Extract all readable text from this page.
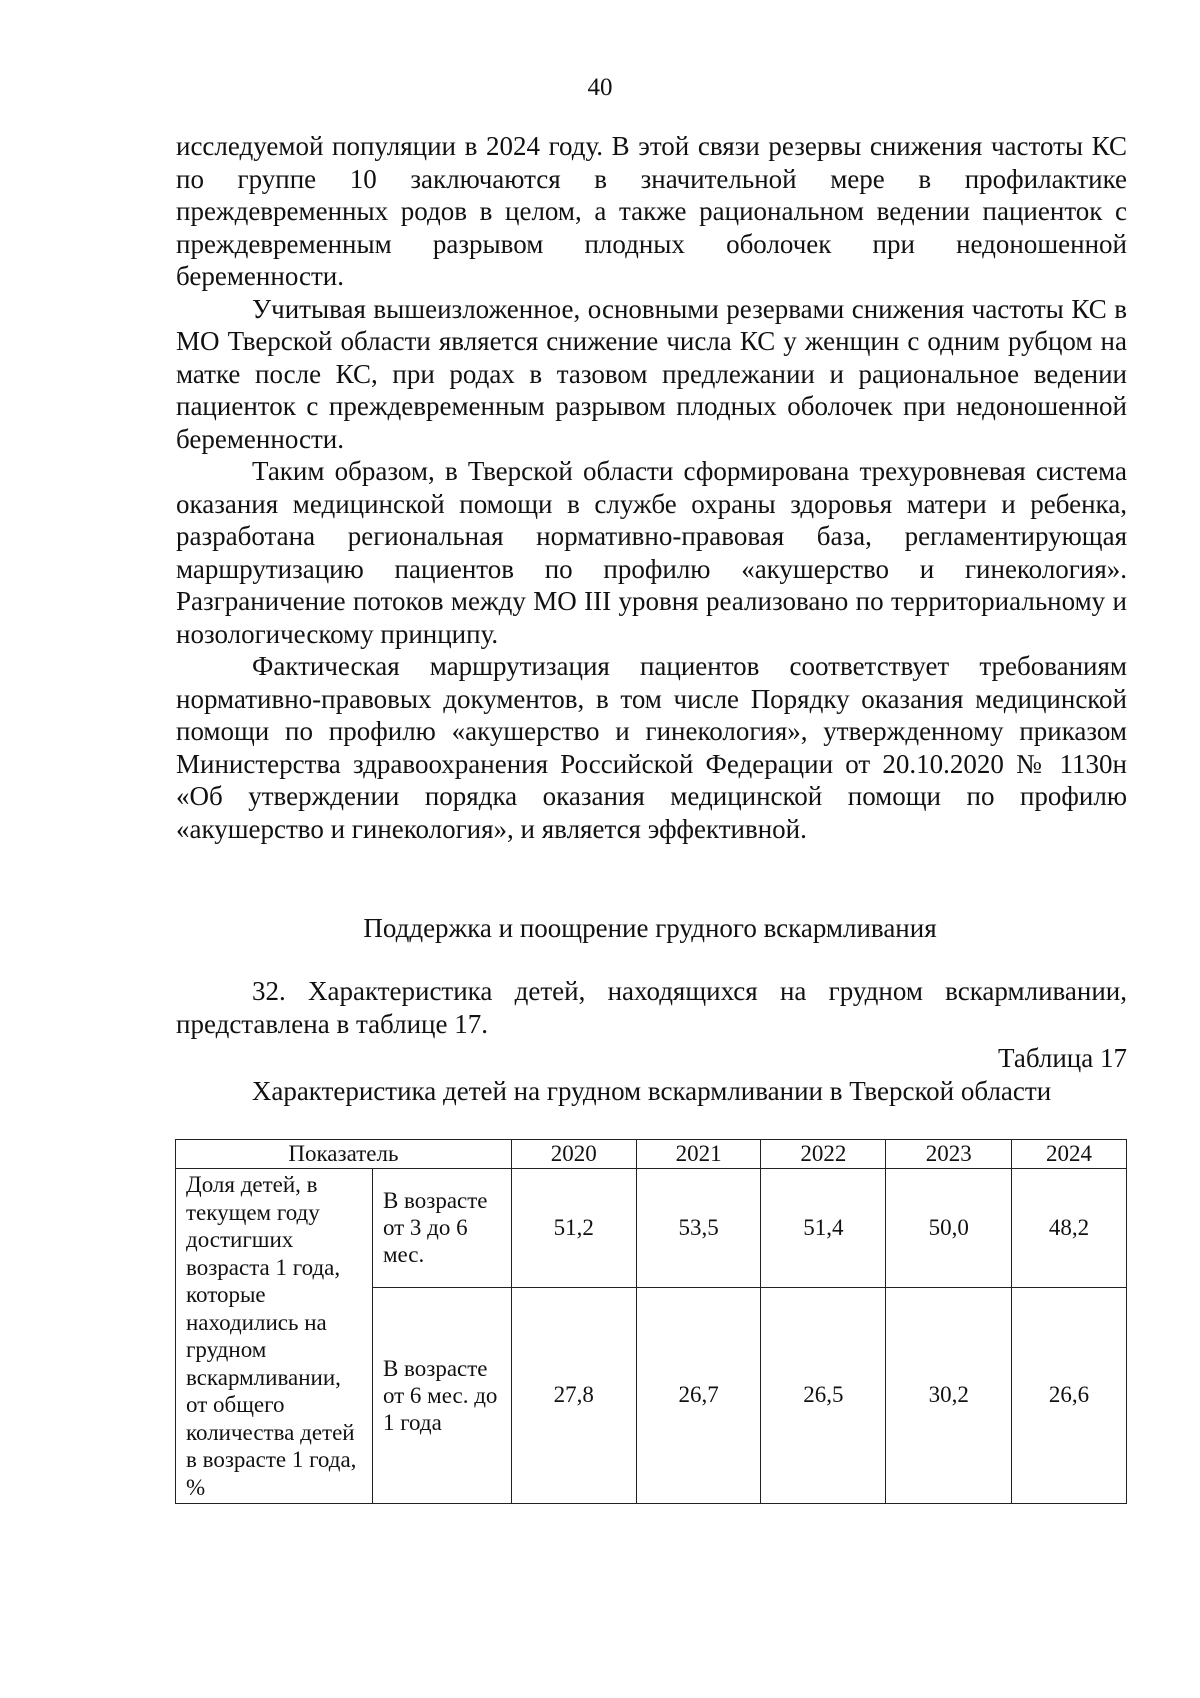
40

исследуемой популяции в 2024 году. В этой связи резервы снижения частоты КС по группе 10 заключаются в значительной мере в профилактике преждевременных родов в целом, а также рациональном ведении пациенток с преждевременным разрывом плодных оболочек при недоношенной беременности.

Учитывая вышеизложенное, основными резервами снижения частоты КС в МО Тверской области является снижение числа КС у женщин с одним рубцом на матке после КС, при родах в тазовом предлежании и рациональное ведении пациенток с преждевременным разрывом плодных оболочек при недоношенной беременности.

Таким образом, в Тверской области сформирована трехуровневая система оказания медицинской помощи в службе охраны здоровья матери и ребенка, разработана региональная нормативно-правовая база, регламентирующая маршрутизацию пациентов по профилю «акушерство и гинекология». Разграничение потоков между МО III уровня реализовано по территориальному и нозологическому принципу.

Фактическая маршрутизация пациентов соответствует требованиям нормативно-правовых документов, в том числе Порядку оказания медицинской помощи по профилю «акушерство и гинекология», утвержденному приказом Министерства здравоохранения Российской Федерации от 20.10.2020 № 1130н «Об утверждении порядка оказания медицинской помощи по профилю «акушерство и гинекология», и является эффективной.

Поддержка и поощрение грудного вскармливания
32. Характеристика детей, находящихся на грудном вскармливании, представлена в таблице 17.
Таблица 17
Характеристика детей на грудном вскармливании в Тверской области
Показатель		2020	2021	2022	2023	2024
Доля детей, в текущем году достигших возраста 1 года, которые находились на грудном вскармливании, от общего количества детей в возрасте 1 года, %	В возрасте от 3 до 6 мес.	51,2	53,5	51,4	50,0	48,2
	В возрасте от 6 мес. до 1 года	27,8	26,7	26,5	30,2	26,6
